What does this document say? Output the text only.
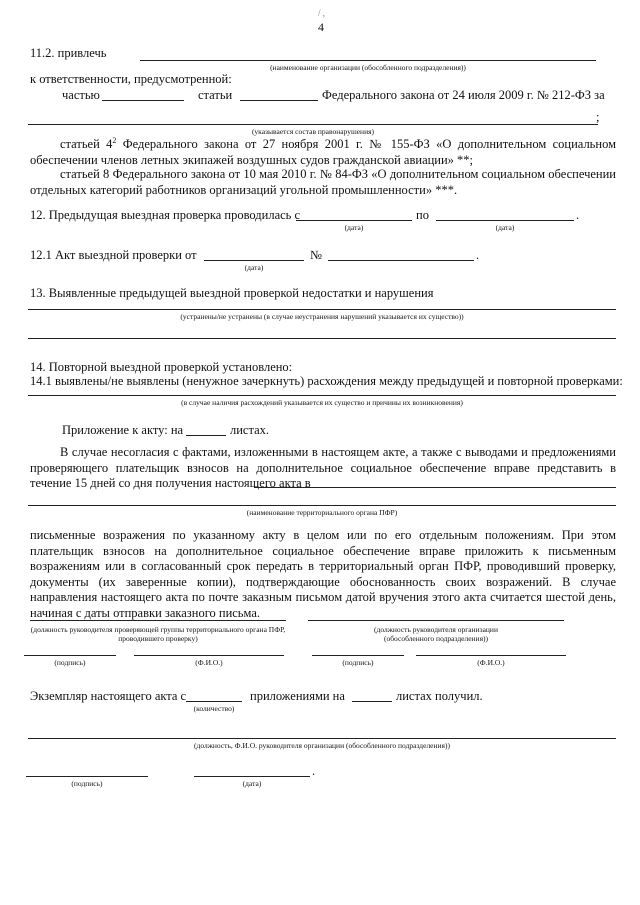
/ ,
4
11.2. привлечь
(наименование организации (обособленного подразделения))
к ответственности, предусмотренной:
частью	статьи	Федерального закона от 24 июля 2009 г. № 212-ФЗ за
;
(указывается состав правонарушения)
статьей $4^2$ Федерального закона от 27 ноября 2001 г. № 155-ФЗ «О дополнительном социальном обеспечении членов летных экипажей воздушных судов гражданской авиации» **;
статьей 8 Федерального закона от 10 мая 2010 г. № 84-ФЗ «О дополнительном социальном обеспечении отдельных категорий работников организаций угольной промышленности» ***.
12. Предыдущая выездная проверка проводилась с
(дата)
по
(дата)
.
12.1 Акт выездной проверки от
(дата)
№	.
13. Выявленные предыдущей выездной проверкой недостатки и нарушения
(устранены/не устранены (в случае неустранения нарушений указывается их существо))
14. Повторной выездной проверкой установлено:
14.1 выявлены/не выявлены (ненужное зачеркнуть) расхождения между предыдущей и повторной проверками:
(в случае наличия расхождений указывается их существо и причины их возникновения)
Приложение к акту: на	листах.
В случае несогласия с фактами, изложенными в настоящем акте, а также с выводами и предложениями проверяющего плательщик взносов на дополнительное социальное обеспечение вправе представить в течение 15 дней со дня получения настоящего акта в
(наименование территориального органа ПФР)
письменные возражения по указанному акту в целом или по его отдельным положениям. При этом плательщик взносов на дополнительное социальное обеспечение вправе приложить к письменным возражениям или в согласованный срок передать в территориальный орган ПФР, проводивший проверку, документы (их заверенные копии), подтверждающие обоснованность своих возражений. В случае направления настоящего акта по почте заказным письмом датой вручения этого акта считается шестой день, начиная с даты отправки заказного письма.
(должность руководителя проверяющей группы территориального органа ПФР, проводившего проверку)
(должность руководителя организации (обособленного подразделения))
(подпись)	(Ф.И.О.)	(подпись)	(Ф.И.О.)
Экземпляр настоящего акта с
(количество)
приложениями на	листах получил.
(должность, Ф.И.О. руководителя организации (обособленного подразделения))
(подпись)	(дата)
.
